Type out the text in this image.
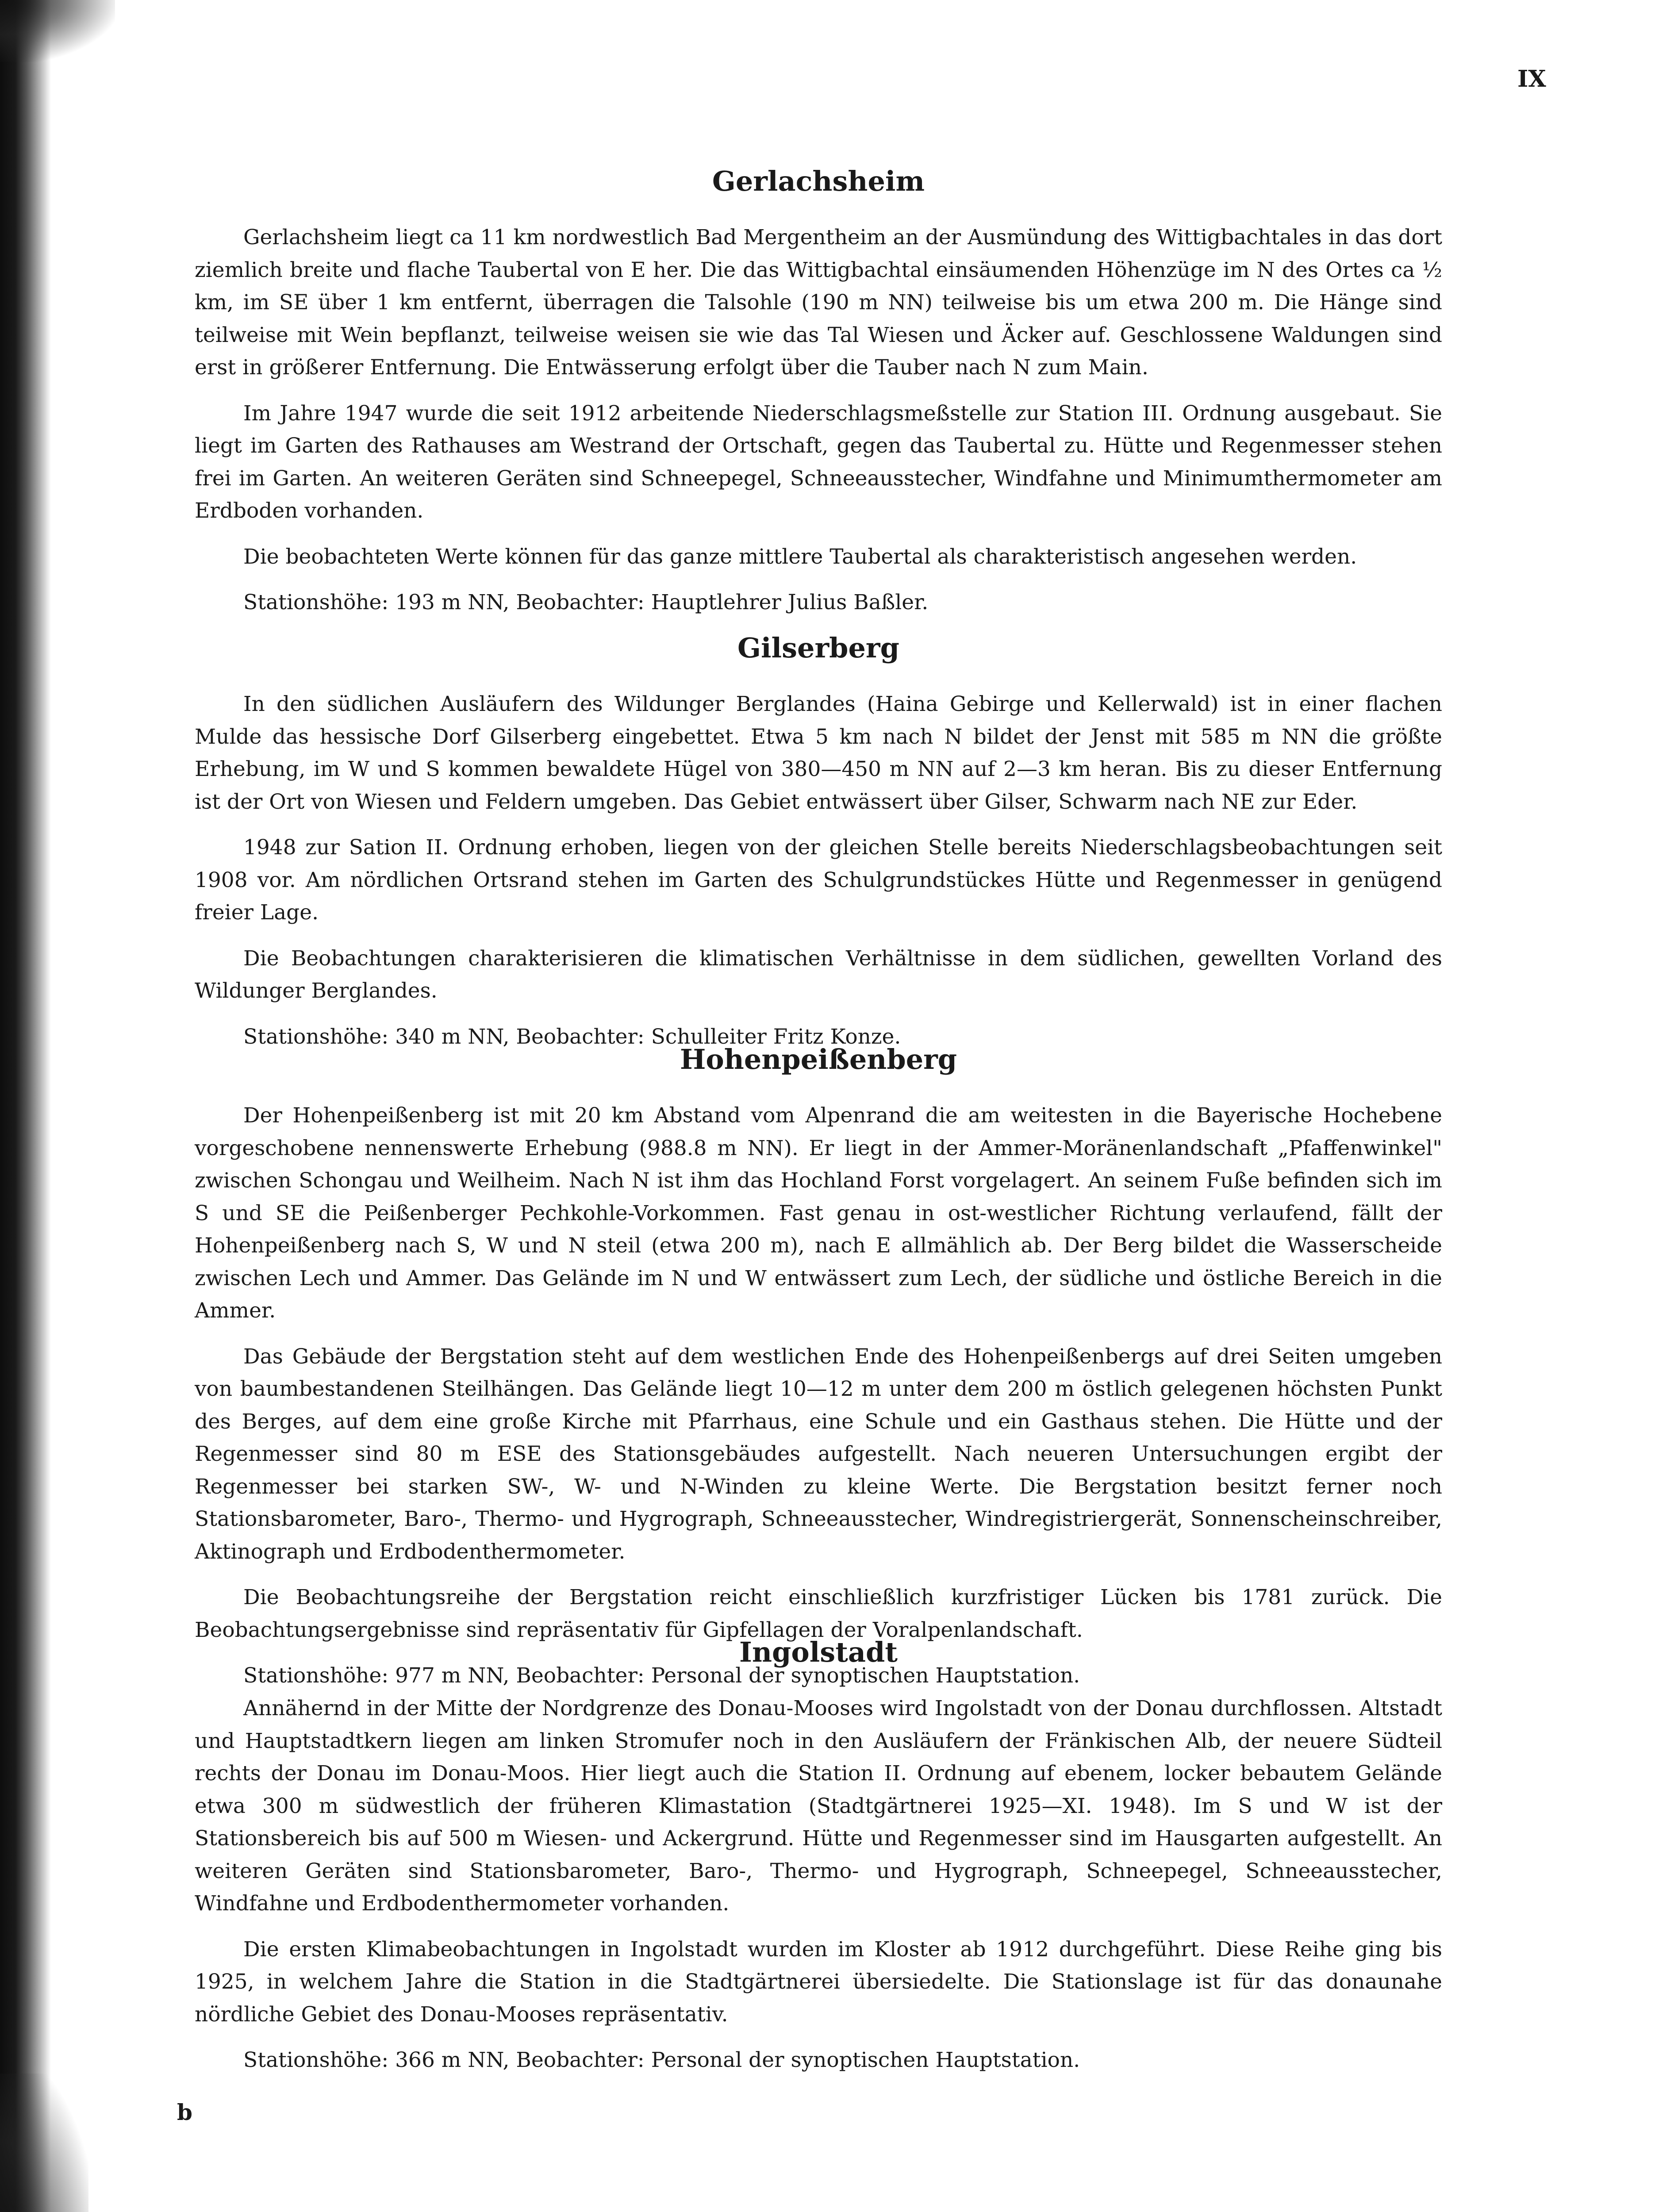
IX
Gerlachsheim

Gerlachsheim liegt ca 11 km nordwestlich Bad Mergentheim an der Ausmündung des Wittigbachtales in das dort ziemlich breite und flache Taubertal von E her. Die das Wittigbachtal einsäumenden Höhenzüge im N des Ortes ca ½ km, im SE über 1 km entfernt, überragen die Talsohle (190 m NN) teilweise bis um etwa 200 m. Die Hänge sind teilweise mit Wein bepflanzt, teilweise weisen sie wie das Tal Wiesen und Äcker auf. Geschlossene Waldungen sind erst in größerer Entfernung. Die Entwässerung erfolgt über die Tauber nach N zum Main.

Im Jahre 1947 wurde die seit 1912 arbeitende Niederschlagsmeßstelle zur Station III. Ordnung ausgebaut. Sie liegt im Garten des Rathauses am Westrand der Ortschaft, gegen das Taubertal zu. Hütte und Regenmesser stehen frei im Garten. An weiteren Geräten sind Schneepegel, Schneeausstecher, Windfahne und Minimumthermometer am Erdboden vorhanden.

Die beobachteten Werte können für das ganze mittlere Taubertal als charakteristisch angesehen werden.

Stationshöhe: 193 m NN, Beobachter: Hauptlehrer Julius Baßler.

Gilserberg

In den südlichen Ausläufern des Wildunger Berglandes (Haina Gebirge und Kellerwald) ist in einer flachen Mulde das hessische Dorf Gilserberg eingebettet. Etwa 5 km nach N bildet der Jenst mit 585 m NN die größte Erhebung, im W und S kommen bewaldete Hügel von 380—450 m NN auf 2—3 km heran. Bis zu dieser Entfernung ist der Ort von Wiesen und Feldern umgeben. Das Gebiet entwässert über Gilser, Schwarm nach NE zur Eder.

1948 zur Sation II. Ordnung erhoben, liegen von der gleichen Stelle bereits Niederschlagsbeobachtungen seit 1908 vor. Am nördlichen Ortsrand stehen im Garten des Schulgrundstückes Hütte und Regenmesser in genügend freier Lage.

Die Beobachtungen charakterisieren die klimatischen Verhältnisse in dem südlichen, gewellten Vorland des Wildunger Berglandes.

Stationshöhe: 340 m NN, Beobachter: Schulleiter Fritz Konze.

Hohenpeißenberg

Der Hohenpeißenberg ist mit 20 km Abstand vom Alpenrand die am weitesten in die Bayerische Hochebene vorgeschobene nennenswerte Erhebung (988.8 m NN). Er liegt in der Ammer-Moränenlandschaft „Pfaffenwinkel" zwischen Schongau und Weilheim. Nach N ist ihm das Hochland Forst vorgelagert. An seinem Fuße befinden sich im S und SE die Peißenberger Pechkohle-Vorkommen. Fast genau in ost-westlicher Richtung verlaufend, fällt der Hohenpeißenberg nach S, W und N steil (etwa 200 m), nach E allmählich ab. Der Berg bildet die Wasserscheide zwischen Lech und Ammer. Das Gelände im N und W entwässert zum Lech, der südliche und östliche Bereich in die Ammer.

Das Gebäude der Bergstation steht auf dem westlichen Ende des Hohenpeißenbergs auf drei Seiten umgeben von baumbestandenen Steilhängen. Das Gelände liegt 10—12 m unter dem 200 m östlich gelegenen höchsten Punkt des Berges, auf dem eine große Kirche mit Pfarrhaus, eine Schule und ein Gasthaus stehen. Die Hütte und der Regenmesser sind 80 m ESE des Stationsgebäudes aufgestellt. Nach neueren Untersuchungen ergibt der Regenmesser bei starken SW-, W- und N-Winden zu kleine Werte. Die Bergstation besitzt ferner noch Stationsbarometer, Baro-, Thermo- und Hygrograph, Schneeausstecher, Windregistriergerät, Sonnenscheinschreiber, Aktinograph und Erdbodenthermometer.

Die Beobachtungsreihe der Bergstation reicht einschließlich kurzfristiger Lücken bis 1781 zurück. Die Beobachtungsergebnisse sind repräsentativ für Gipfellagen der Voralpenlandschaft.

Stationshöhe: 977 m NN, Beobachter: Personal der synoptischen Hauptstation.

Ingolstadt

Annähernd in der Mitte der Nordgrenze des Donau-Mooses wird Ingolstadt von der Donau durchflossen. Altstadt und Hauptstadtkern liegen am linken Stromufer noch in den Ausläufern der Fränkischen Alb, der neuere Südteil rechts der Donau im Donau-Moos. Hier liegt auch die Station II. Ordnung auf ebenem, locker bebautem Gelände etwa 300 m südwestlich der früheren Klimastation (Stadtgärtnerei 1925—XI. 1948). Im S und W ist der Stationsbereich bis auf 500 m Wiesen- und Ackergrund. Hütte und Regenmesser sind im Hausgarten aufgestellt. An weiteren Geräten sind Stationsbarometer, Baro-, Thermo- und Hygrograph, Schneepegel, Schneeausstecher, Windfahne und Erdbodenthermometer vorhanden.

Die ersten Klimabeobachtungen in Ingolstadt wurden im Kloster ab 1912 durchgeführt. Diese Reihe ging bis 1925, in welchem Jahre die Station in die Stadtgärtnerei übersiedelte. Die Stationslage ist für das donaunahe nördliche Gebiet des Donau-Mooses repräsentativ.

Stationshöhe: 366 m NN, Beobachter: Personal der synoptischen Hauptstation.

b
